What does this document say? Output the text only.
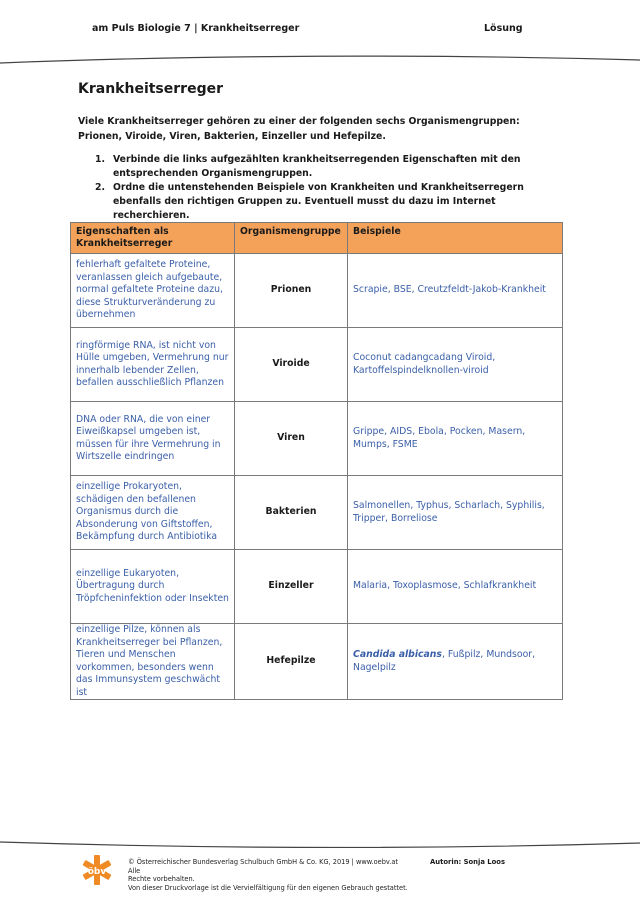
am Puls Biologie 7 | Krankheitserreger	Lösung
Krankheitserreger
Viele Krankheitserreger gehören zu einer der folgenden sechs Organismengruppen: Prionen, Viroide, Viren, Bakterien, Einzeller und Hefepilze.
1. Verbinde die links aufgezählten krankheitserregenden Eigenschaften mit den entsprechenden Organismengruppen.
2. Ordne die untenstehenden Beispiele von Krankheiten und Krankheitserregern ebenfalls den richtigen Gruppen zu. Eventuell musst du dazu im Internet recherchieren.
Eigenschaften als Krankheitserreger	Organismengruppe	Beispiele
fehlerhaft gefaltete Proteine, veranlassen gleich aufgebaute, normal gefaltete Proteine dazu, diese Strukturveränderung zu übernehmen	Prionen	Scrapie, BSE, Creutzfeldt-Jakob-Krankheit
ringförmige RNA, ist nicht von Hülle umgeben, Vermehrung nur innerhalb lebender Zellen, befallen ausschließlich Pflanzen	Viroide	Coconut cadangcadang Viroid, Kartoffelspindelknollen-viroid
DNA oder RNA, die von einer Eiweißkapsel umgeben ist, müssen für ihre Vermehrung in Wirtszelle eindringen	Viren	Grippe, AIDS, Ebola, Pocken, Masern, Mumps, FSME
einzellige Prokaryoten, schädigen den befallenen Organismus durch die Absonderung von Giftstoffen, Bekämpfung durch Antibiotika	Bakterien	Salmonellen, Typhus, Scharlach, Syphilis, Tripper, Borreliose
einzellige Eukaryoten, Übertragung durch Tröpfcheninfektion oder Insekten	Einzeller	Malaria, Toxoplasmose, Schlafkrankheit
einzellige Pilze, können als Krankheitserreger bei Pflanzen, Tieren und Menschen vorkommen, besonders wenn das Immunsystem geschwächt ist	Hefepilze	Candida albicans, Fußpilz, Mundsoor, Nagelpilz
öbv
© Österreichischer Bundesverlag Schulbuch GmbH & Co. KG, 2019 | www.oebv.at Alle
Rechte vorbehalten.
Von dieser Druckvorlage ist die Vervielfältigung für den eigenen Gebrauch gestattet.
Autorin: Sonja Loos
